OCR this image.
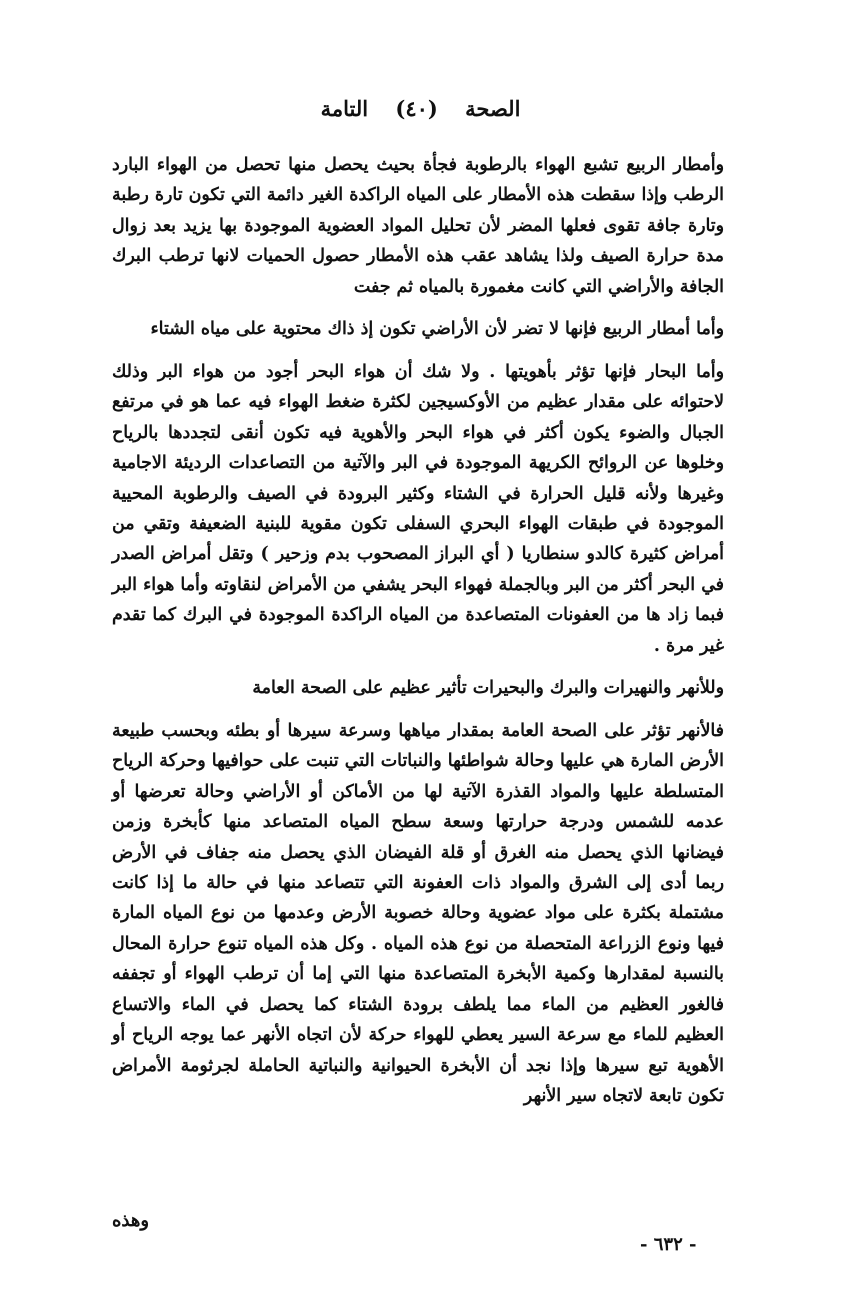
الصحة (٤٠) التامة

وأمطار الربيع تشبع الهواء بالرطوبة فجأة بحيث يحصل منها تحصل من الهواء البارد الرطب وإذا سقطت هذه الأمطار على المياه الراكدة الغير دائمة التي تكون تارة رطبة وتارة جافة تقوى فعلها المضر لأن تحليل المواد العضوية الموجودة بها يزيد بعد زوال مدة حرارة الصيف ولذا يشاهد عقب هذه الأمطار حصول الحميات لانها ترطب البرك الجافة والأراضي التي كانت مغمورة بالمياه ثم جفت

وأما أمطار الربيع فإنها لا تضر لأن الأراضي تكون إذ ذاك محتوية على مياه الشتاء

وأما البحار فإنها تؤثر بأهويتها . ولا شك أن هواء البحر أجود من هواء البر وذلك لاحتوائه على مقدار عظيم من الأوكسيجين لكثرة ضغط الهواء فيه عما هو في مرتفع الجبال والضوء يكون أكثر في هواء البحر والأهوية فيه تكون أنقى لتجددها بالرياح وخلوها عن الروائح الكريهة الموجودة في البر والآتية من التصاعدات الرديئة الاجامية وغيرها ولأنه قليل الحرارة في الشتاء وكثير البرودة في الصيف والرطوبة المحيية الموجودة في طبقات الهواء البحري السفلى تكون مقوية للبنية الضعيفة وتقي من أمراض كثيرة كالدو سنطاريا ( أي البراز المصحوب بدم وزحير ) وتقل أمراض الصدر في البحر أكثر من البر وبالجملة فهواء البحر يشفي من الأمراض لنقاوته وأما هواء البر فبما زاد ها من العفونات المتصاعدة من المياه الراكدة الموجودة في البرك كما تقدم غير مرة .

وللأنهر والنهيرات والبرك والبحيرات تأثير عظيم على الصحة العامة

فالأنهر تؤثر على الصحة العامة بمقدار مياهها وسرعة سيرها أو بطئه وبحسب طبيعة الأرض المارة هي عليها وحالة شواطئها والنباتات التي تنبت على حوافيها وحركة الرياح المتسلطة عليها والمواد القذرة الآتية لها من الأماكن أو الأراضي وحالة تعرضها أو عدمه للشمس ودرجة حرارتها وسعة سطح المياه المتصاعد منها كأبخرة وزمن فيضانها الذي يحصل منه الغرق أو قلة الفيضان الذي يحصل منه جفاف في الأرض ربما أدى إلى الشرق والمواد ذات العفونة التي تتصاعد منها في حالة ما إذا كانت مشتملة بكثرة على مواد عضوية وحالة خصوبة الأرض وعدمها من نوع المياه المارة فيها ونوع الزراعة المتحصلة من نوع هذه المياه . وكل هذه المياه تنوع حرارة المحال بالنسبة لمقدارها وكمية الأبخرة المتصاعدة منها التي إما أن ترطب الهواء أو تجففه فالغور العظيم من الماء مما يلطف برودة الشتاء كما يحصل في الماء والاتساع العظيم للماء مع سرعة السير يعطي للهواء حركة لأن اتجاه الأنهر عما يوجه الرياح أو الأهوية تبع سيرها وإذا نجد أن الأبخرة الحيوانية والنباتية الحاملة لجرثومة الأمراض تكون تابعة لاتجاه سير الأنهر

وهذه
- ٦٣٢ -
